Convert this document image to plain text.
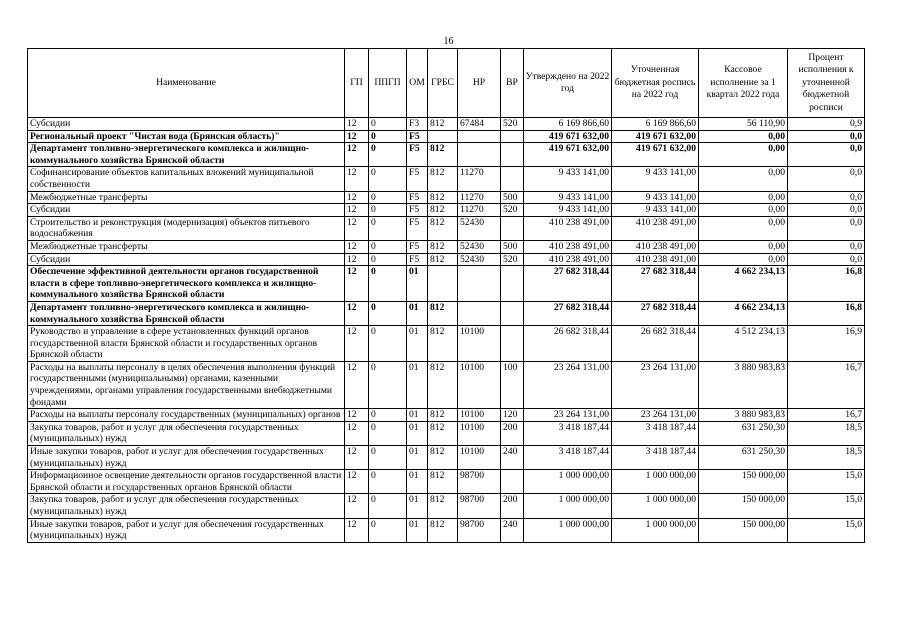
16
Наименование	ГП	ППГП	ОМ	ГРБС	НР	ВР	Утверждено на 2022 год	Уточненная бюджетная роспись на 2022 год	Кассовое исполнение за 1 квартал 2022 года	Процент исполнения к уточненной бюджетной росписи
Субсидии	12	0	F3	812	67484	520	6 169 866,60	6 169 866,60	56 110,90	0,9
Региональный проект "Чистая вода (Брянская область)"	12	0	F5				419 671 632,00	419 671 632,00	0,00	0,0
Департамент топливно-энергетического комплекса и жилищно-коммунального хозяйства Брянской области	12	0	F5	812			419 671 632,00	419 671 632,00	0,00	0,0
Софинансирование объектов капитальных вложений муниципальной собственности	12	0	F5	812	11270		9 433 141,00	9 433 141,00	0,00	0,0
Межбюджетные трансферты	12	0	F5	812	11270	500	9 433 141,00	9 433 141,00	0,00	0,0
Субсидии	12	0	F5	812	11270	520	9 433 141,00	9 433 141,00	0,00	0,0
Строительство и реконструкция (модернизация) объектов питьевого водоснабжения	12	0	F5	812	52430		410 238 491,00	410 238 491,00	0,00	0,0
Межбюджетные трансферты	12	0	F5	812	52430	500	410 238 491,00	410 238 491,00	0,00	0,0
Субсидии	12	0	F5	812	52430	520	410 238 491,00	410 238 491,00	0,00	0,0
Обеспечение эффективной деятельности органов государственной власти в сфере топливно-энергетического комплекса и жилищно-коммунального хозяйства Брянской области	12	0	01				27 682 318,44	27 682 318,44	4 662 234,13	16,8
Департамент топливно-энергетического комплекса и жилищно-коммунального хозяйства Брянской области	12	0	01	812			27 682 318,44	27 682 318,44	4 662 234,13	16,8
Руководство и управление в сфере установленных функций органов государственной власти Брянской области и государственных органов Брянской области	12	0	01	812	10100		26 682 318,44	26 682 318,44	4 512 234,13	16,9
Расходы на выплаты персоналу в целях обеспечения выполнения функций государственными (муниципальными) органами, казенными учреждениями, органами управления государственными внебюджетными фондами	12	0	01	812	10100	100	23 264 131,00	23 264 131,00	3 880 983,83	16,7
Расходы на выплаты персоналу государственных (муниципальных) органов	12	0	01	812	10100	120	23 264 131,00	23 264 131,00	3 880 983,83	16,7
Закупка товаров, работ и услуг для обеспечения государственных (муниципальных) нужд	12	0	01	812	10100	200	3 418 187,44	3 418 187,44	631 250,30	18,5
Иные закупки товаров, работ и услуг для обеспечения государственных (муниципальных) нужд	12	0	01	812	10100	240	3 418 187,44	3 418 187,44	631 250,30	18,5
Информационное освещение деятельности органов государственной власти Брянской области и государственных органов Брянской области	12	0	01	812	98700		1 000 000,00	1 000 000,00	150 000,00	15,0
Закупка товаров, работ и услуг для обеспечения государственных (муниципальных) нужд	12	0	01	812	98700	200	1 000 000,00	1 000 000,00	150 000,00	15,0
Иные закупки товаров, работ и услуг для обеспечения государственных (муниципальных) нужд	12	0	01	812	98700	240	1 000 000,00	1 000 000,00	150 000,00	15,0
